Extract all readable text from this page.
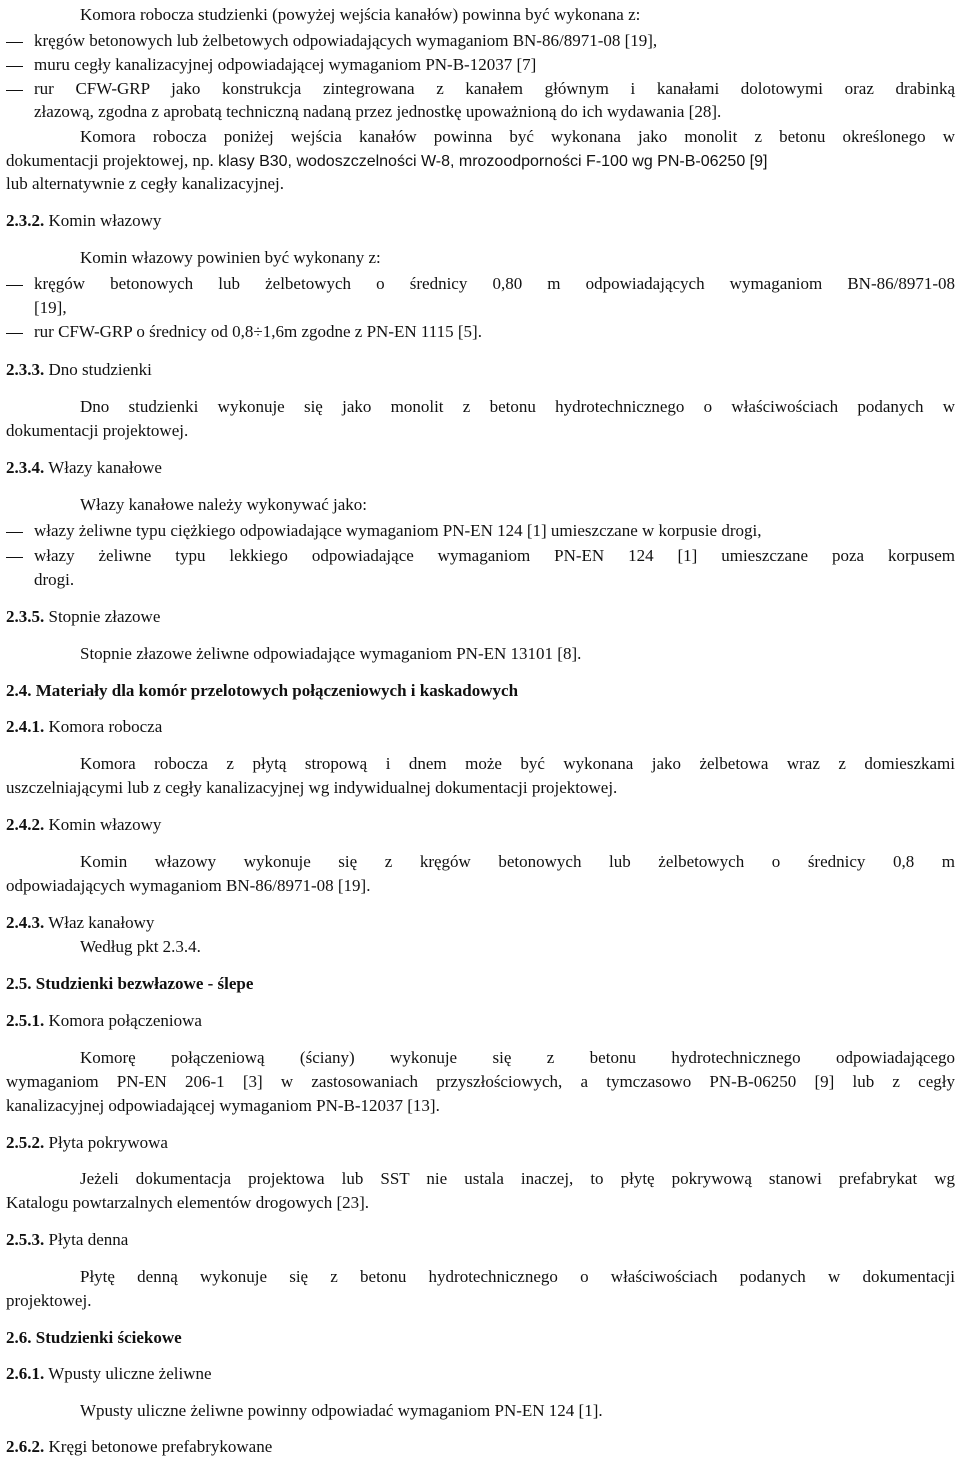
Komora robocza studzienki (powyżej wejścia kanałów) powinna być wykonana z:
kręgów betonowych lub żelbetowych odpowiadających wymaganiom BN-86/8971-08 [19],
muru cegły kanalizacyjnej odpowiadającej wymaganiom PN-B-12037 [7]
rur CFW-GRP jako konstrukcja zintegrowana z kanałem głównym i kanałami dolotowymi oraz drabinką
złazową, zgodna z aprobatą techniczną nadaną przez jednostkę upoważnioną do ich wydawania [28].
Komora robocza poniżej wejścia kanałów powinna być wykonana jako monolit z betonu określonego w
dokumentacji projektowej, np. klasy B30, wodoszczelności W-8, mrozoodporności F-100 wg PN-B-06250 [9]
lub alternatywnie z cegły kanalizacyjnej.
2.3.2. Komin włazowy
Komin włazowy powinien być wykonany z:
kręgów betonowych lub żelbetowych o średnicy 0,80 m odpowiadających wymaganiom BN-86/8971-08
[19],
rur CFW-GRP o średnicy od 0,8÷1,6m zgodne z PN-EN 1115 [5].
2.3.3. Dno studzienki
Dno studzienki wykonuje się jako monolit z betonu hydrotechnicznego o właściwościach podanych w
dokumentacji projektowej.
2.3.4. Włazy kanałowe
Włazy kanałowe należy wykonywać jako:
włazy żeliwne typu ciężkiego odpowiadające wymaganiom PN-EN 124 [1] umieszczane w korpusie drogi,
włazy żeliwne typu lekkiego odpowiadające wymaganiom PN-EN 124 [1] umieszczane poza korpusem
drogi.
2.3.5. Stopnie złazowe
Stopnie złazowe żeliwne odpowiadające wymaganiom PN-EN 13101 [8].
2.4. Materiały dla komór przelotowych połączeniowych i kaskadowych
2.4.1. Komora robocza
Komora robocza z płytą stropową i dnem może być wykonana jako żelbetowa wraz z domieszkami
uszczelniającymi lub z cegły kanalizacyjnej wg indywidualnej dokumentacji projektowej.
2.4.2. Komin włazowy
Komin włazowy wykonuje się z kręgów betonowych lub żelbetowych o średnicy 0,8 m
odpowiadających wymaganiom BN-86/8971-08 [19].
2.4.3. Właz kanałowy
Według pkt 2.3.4.
2.5. Studzienki bezwłazowe - ślepe
2.5.1. Komora połączeniowa
Komorę połączeniową (ściany) wykonuje się z betonu hydrotechnicznego odpowiadającego
wymaganiom PN-EN 206-1 [3] w zastosowaniach przyszłościowych, a tymczasowo PN-B-06250 [9] lub z cegły
kanalizacyjnej odpowiadającej wymaganiom PN-B-12037 [13].
2.5.2. Płyta pokrywowa
Jeżeli dokumentacja projektowa lub SST nie ustala inaczej, to płytę pokrywową stanowi prefabrykat wg
Katalogu powtarzalnych elementów drogowych [23].
2.5.3. Płyta denna
Płytę denną wykonuje się z betonu hydrotechnicznego o właściwościach podanych w dokumentacji
projektowej.
2.6. Studzienki ściekowe
2.6.1. Wpusty uliczne żeliwne
Wpusty uliczne żeliwne powinny odpowiadać wymaganiom PN-EN 124 [1].
2.6.2. Kręgi betonowe prefabrykowane
